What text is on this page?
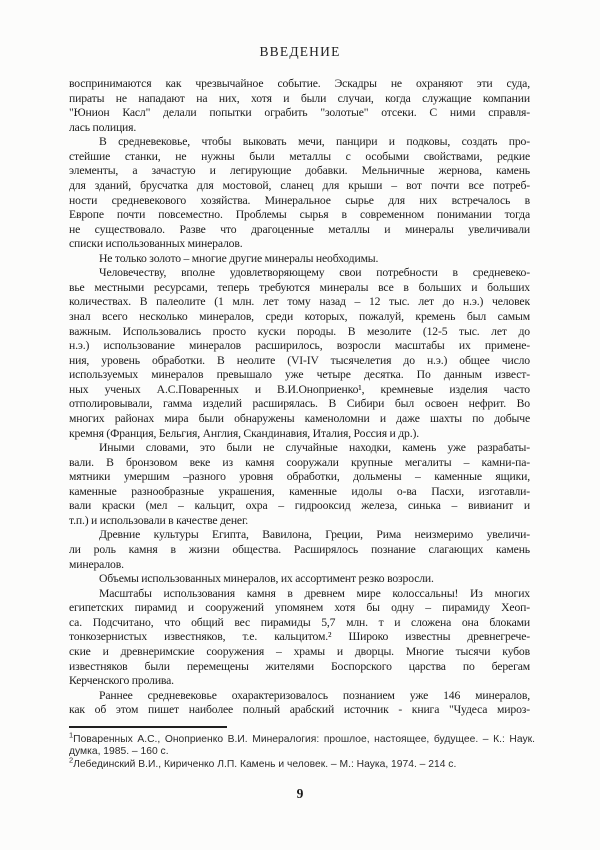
ВВЕДЕНИЕ
воспринимаются как чрезвычайное событие. Эскадры не охраняют эти суда,
пираты не нападают на них, хотя и были случаи, когда служащие компании
"Юнион Касл" делали попытки ограбить "золотые" отсеки. С ними справля-
лась полиция.
В средневековье, чтобы выковать мечи, панцири и подковы, создать про-
стейшие станки, не нужны были металлы с особыми свойствами, редкие
элементы, а зачастую и легирующие добавки. Мельничные жернова, камень
для зданий, брусчатка для мостовой, сланец для крыши – вот почти все потреб-
ности средневекового хозяйства. Минеральное сырье для них встречалось в
Европе почти повсеместно. Проблемы сырья в современном понимании тогда
не существовало. Разве что драгоценные металлы и минералы увеличивали
списки использованных минералов.
Не только золото – многие другие минералы необходимы.
Человечеству, вполне удовлетворяющему свои потребности в средневеко-
вье местными ресурсами, теперь требуются минералы все в больших и больших
количествах. В палеолите (1 млн. лет тому назад – 12 тыс. лет до н.э.) человек
знал всего несколько минералов, среди которых, пожалуй, кремень был самым
важным. Использовались просто куски породы. В мезолите (12-5 тыс. лет до
н.э.) использование минералов расширилось, возросли масштабы их примене-
ния, уровень обработки. В неолите (VI-IV тысячелетия до н.э.) общее число
используемых минералов превышало уже четыре десятка. По данным извест-
ных ученых А.С.Поваренных и В.И.Оноприенко¹, кремневые изделия часто
отполировывали, гамма изделий расширялась. В Сибири был освоен нефрит. Во
многих районах мира были обнаружены каменоломни и даже шахты по добыче
кремня (Франция, Бельгия, Англия, Скандинавия, Италия, Россия и др.).
Иными словами, это были не случайные находки, камень уже разрабаты-
вали. В бронзовом веке из камня сооружали крупные мегалиты – камни-па-
мятники умершим –разного уровня обработки, дольмены – каменные ящики,
каменные разнообразные украшения, каменные идолы о-ва Пасхи, изготавли-
вали краски (мел – кальцит, охра – гидрооксид железа, синька – вивианит и
т.п.) и использовали в качестве денег.
Древние культуры Египта, Вавилона, Греции, Рима неизмеримо увеличи-
ли роль камня в жизни общества. Расширялось познание слагающих камень
минералов.
Объемы использованных минералов, их ассортимент резко возросли.
Масштабы использования камня в древнем мире колоссальны! Из многих
египетских пирамид и сооружений упомянем хотя бы одну – пирамиду Хеоп-
са. Подсчитано, что общий вес пирамиды 5,7 млн. т и сложена она блоками
тонкозернистых известняков, т.е. кальцитом.² Широко известны древнегрече-
ские и древнеримские сооружения – храмы и дворцы. Многие тысячи кубов
известняков были перемещены жителями Боспорского царства по берегам
Керченского пролива.
Раннее средневековье охарактеризовалось познанием уже 146 минералов,
как об этом пишет наиболее полный арабский источник - книга "Чудеса мироз-

$^1$Поваренных А.С., Оноприенко В.И. Минералогия: прошлое, настоящее, будущее. – К.: Наук. думка, 1985. – 160 с.

$^2$Лебединский В.И., Кириченко Л.П. Камень и человек. – М.: Наука, 1974. – 214 с.

9
